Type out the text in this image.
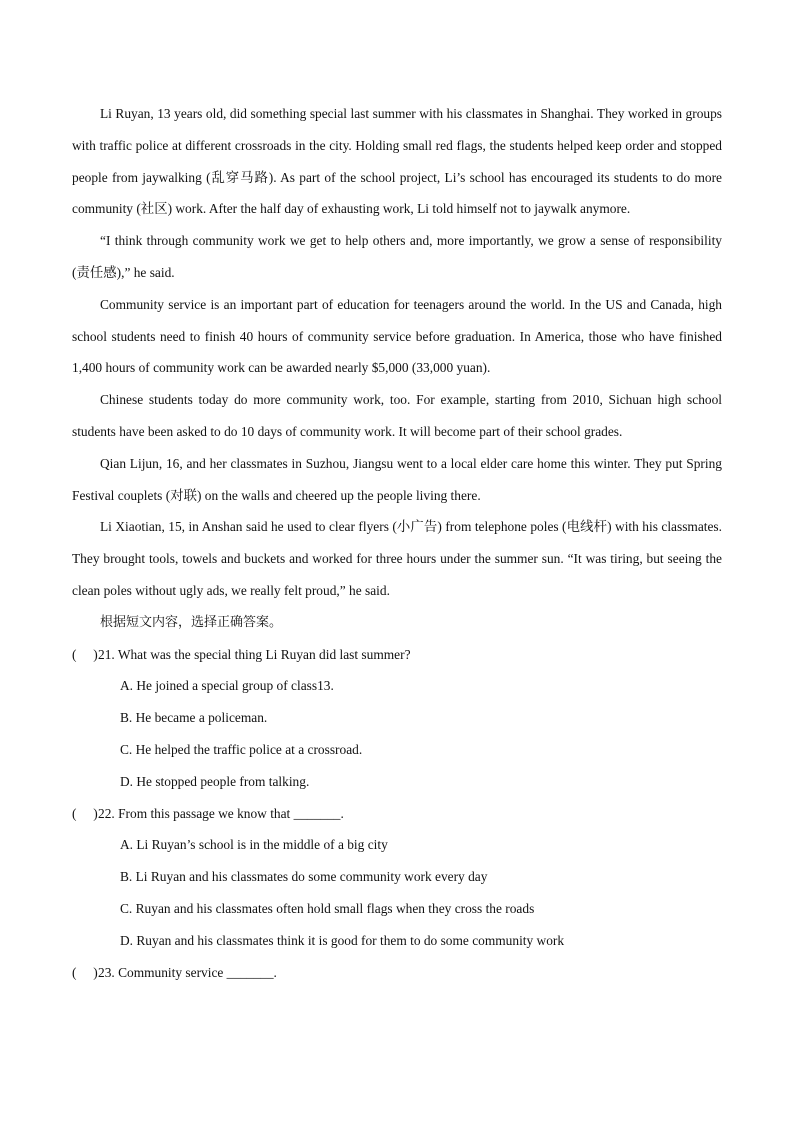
Li Ruyan, 13 years old, did something special last summer with his classmates in Shanghai. They worked in groups with traffic police at different crossroads in the city. Holding small red flags, the students helped keep order and stopped people from jaywalking (乱穿马路). As part of the school project, Li’s school has encouraged its students to do more community (社区) work. After the half day of exhausting work, Li told himself not to jaywalk anymore.

“I think through community work we get to help others and, more importantly, we grow a sense of responsibility (责任感),” he said.

Community service is an important part of education for teenagers around the world. In the US and Canada, high school students need to finish 40 hours of community service before graduation. In America, those who have finished 1,400 hours of community work can be awarded nearly $5,000 (33,000 yuan).

Chinese students today do more community work, too. For example, starting from 2010, Sichuan high school students have been asked to do 10 days of community work. It will become part of their school grades.

Qian Lijun, 16, and her classmates in Suzhou, Jiangsu went to a local elder care home this winter. They put Spring Festival couplets (对联) on the walls and cheered up the people living there.

Li Xiaotian, 15, in Anshan said he used to clear flyers (小广告) from telephone poles (电线杆) with his classmates. They brought tools, towels and buckets and worked for three hours under the summer sun. “It was tiring, but seeing the clean poles without ugly ads, we really felt proud,” he said.

根据短文内容，选择正确答案。

( )21. What was the special thing Li Ruyan did last summer?

A. He joined a special group of class13.

B. He became a policeman.

C. He helped the traffic police at a crossroad.

D. He stopped people from talking.

( )22. From this passage we know that _______.

A. Li Ruyan’s school is in the middle of a big city

B. Li Ruyan and his classmates do some community work every day

C. Ruyan and his classmates often hold small flags when they cross the roads

D. Ruyan and his classmates think it is good for them to do some community work

( )23. Community service _______.
